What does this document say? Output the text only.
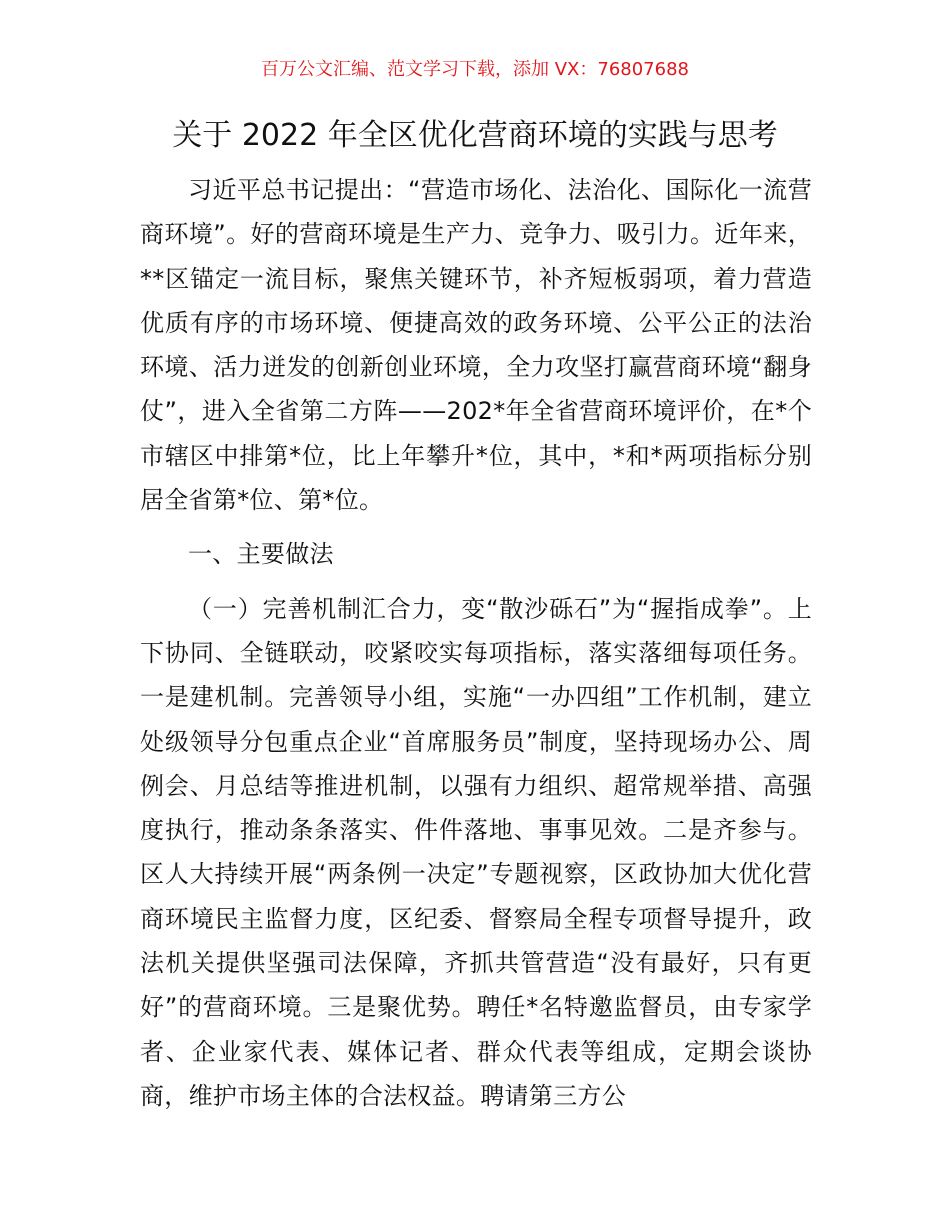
百万公文汇编、范文学习下载，添加 VX：76807688
关于 2022 年全区优化营商环境的实践与思考

习近平总书记提出：“营造市场化、法治化、国际化一流营商环境”。好的营商环境是生产力、竞争力、吸引力。近年来，**区锚定一流目标，聚焦关键环节，补齐短板弱项，着力营造优质有序的市场环境、便捷高效的政务环境、公平公正的法治环境、活力迸发的创新创业环境，全力攻坚打赢营商环境“翻身仗”，进入全省第二方阵——202*年全省营商环境评价，在*个市辖区中排第*位，比上年攀升*位，其中，*和*两项指标分别居全省第*位、第*位。

一、主要做法

（一）完善机制汇合力，变“散沙砾石”为“握指成拳”。上下协同、全链联动，咬紧咬实每项指标，落实落细每项任务。一是建机制。完善领导小组，实施“一办四组”工作机制，建立处级领导分包重点企业“首席服务员”制度，坚持现场办公、周例会、月总结等推进机制，以强有力组织、超常规举措、高强度执行，推动条条落实、件件落地、事事见效。二是齐参与。区人大持续开展“两条例一决定”专题视察，区政协加大优化营商环境民主监督力度，区纪委、督察局全程专项督导提升，政法机关提供坚强司法保障，齐抓共管营造“没有最好，只有更好”的营商环境。三是聚优势。聘任*名特邀监督员，由专家学者、企业家代表、媒体记者、群众代表等组成，定期会谈协商，维护市场主体的合法权益。聘请第三方公
